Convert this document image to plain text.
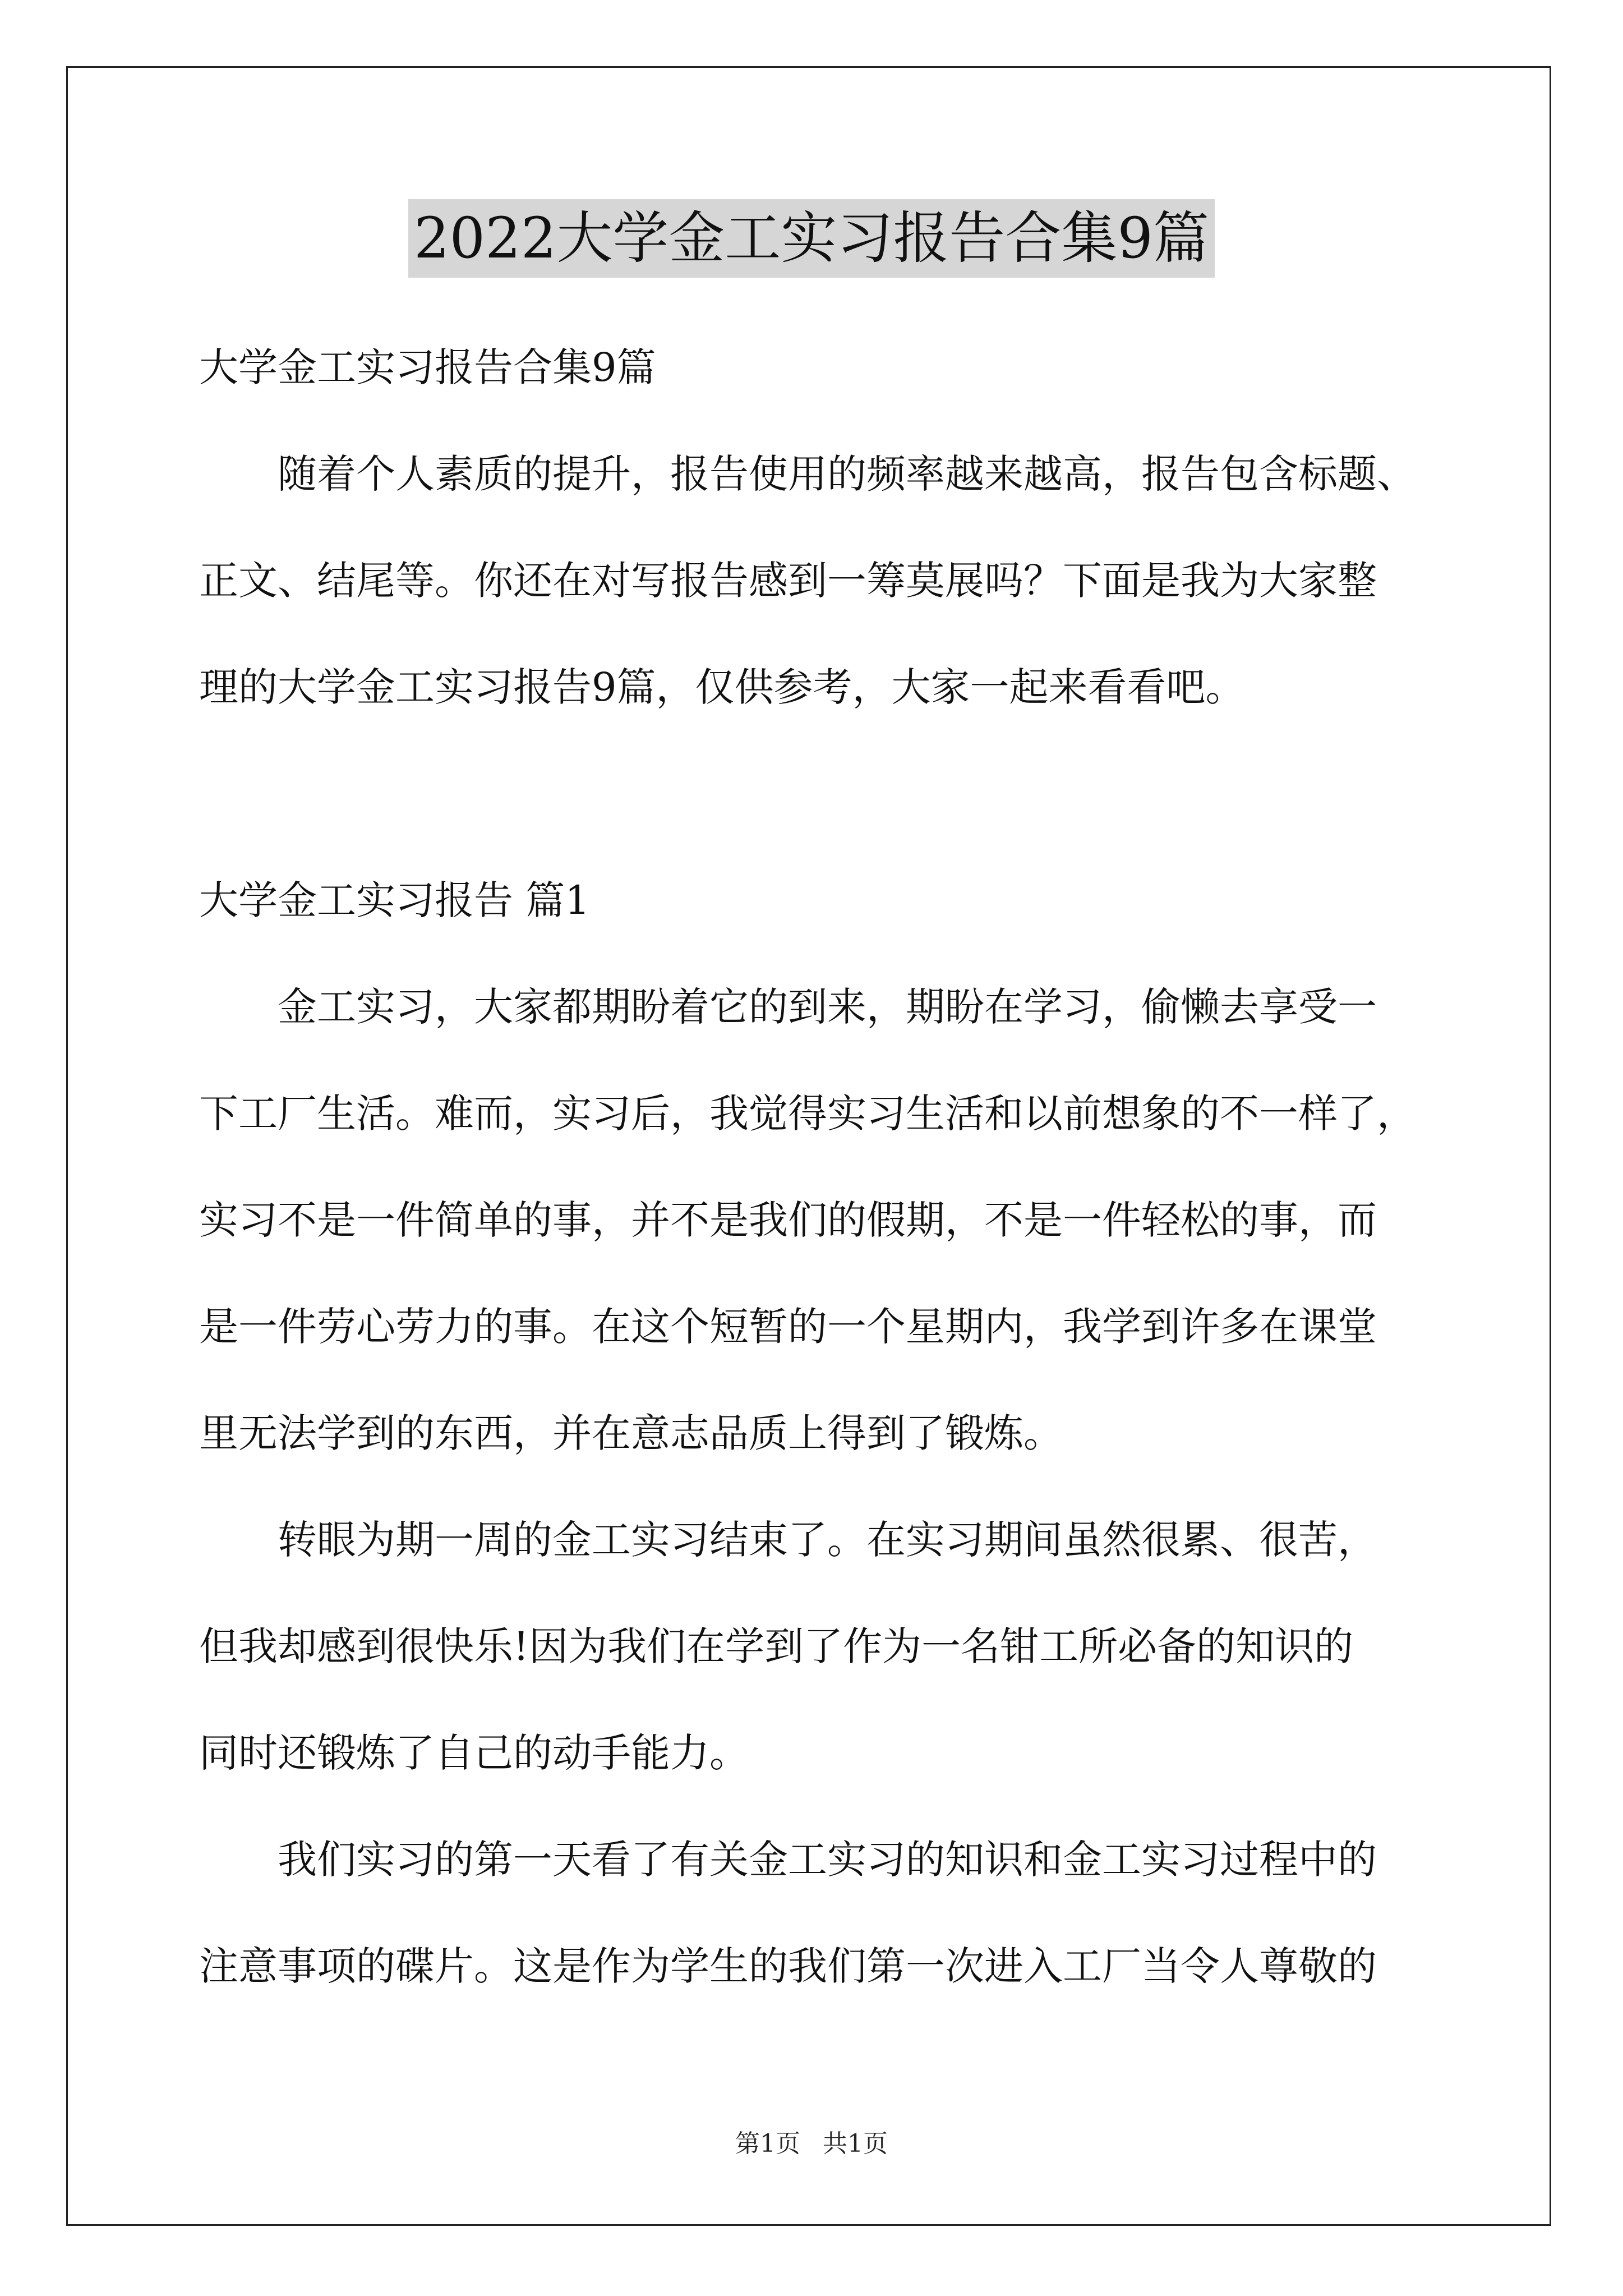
2022大学金工实习报告合集9篇
大学金工实习报告合集9篇

随着个人素质的提升，报告使用的频率越来越高，报告包含标题、

正文、结尾等。你还在对写报告感到一筹莫展吗？下面是我为大家整

理的大学金工实习报告9篇，仅供参考，大家一起来看看吧。

大学金工实习报告 篇1

金工实习，大家都期盼着它的到来，期盼在学习，偷懒去享受一

下工厂生活。难而，实习后，我觉得实习生活和以前想象的不一样了，

实习不是一件简单的事，并不是我们的假期，不是一件轻松的事，而

是一件劳心劳力的事。在这个短暂的一个星期内，我学到许多在课堂

里无法学到的东西，并在意志品质上得到了锻炼。

转眼为期一周的金工实习结束了。在实习期间虽然很累、很苦，

但我却感到很快乐!因为我们在学到了作为一名钳工所必备的知识的

同时还锻炼了自己的动手能力。

我们实习的第一天看了有关金工实习的知识和金工实习过程中的

注意事项的碟片。这是作为学生的我们第一次进入工厂当令人尊敬的

第1页 共1页
